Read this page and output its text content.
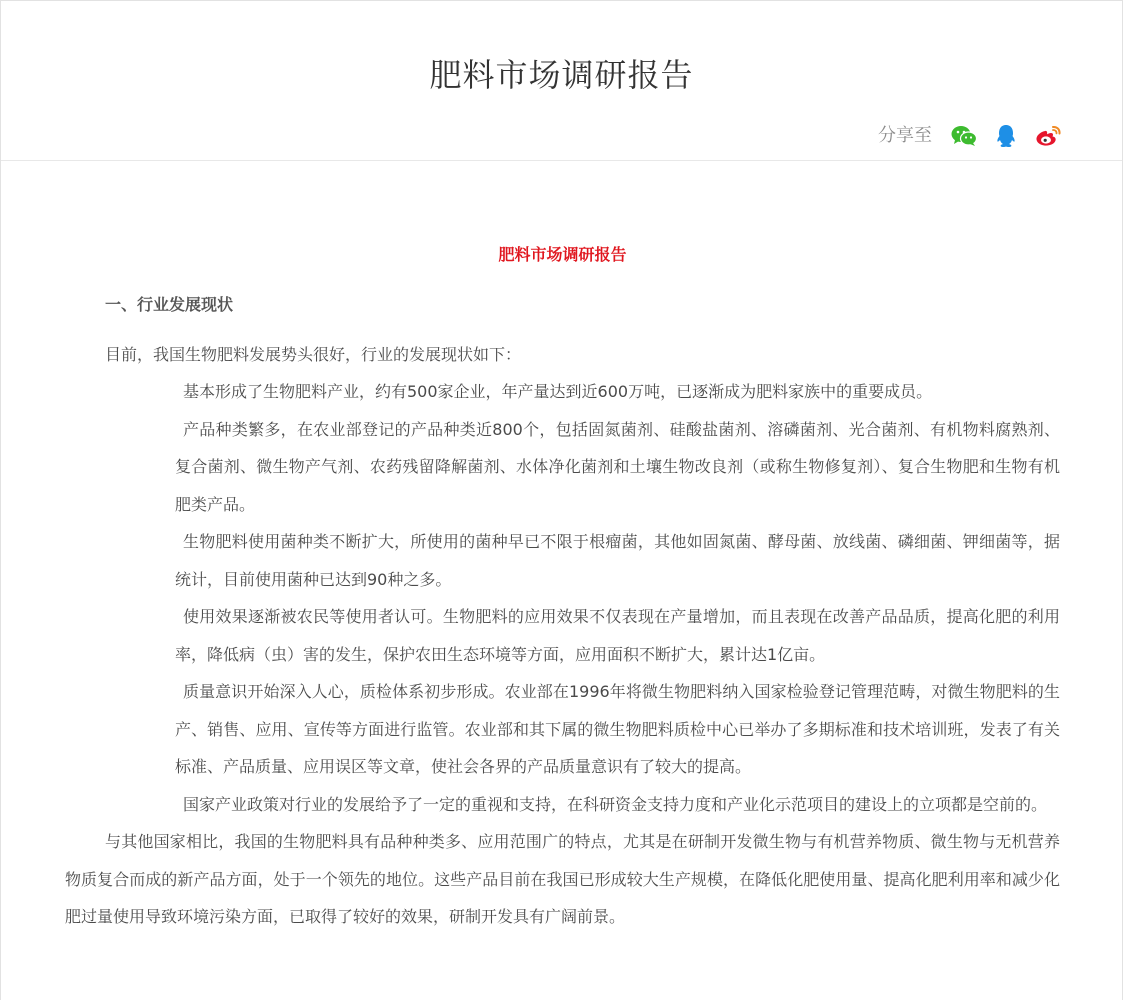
肥料市场调研报告
分享至
肥料市场调研报告
一、行业发展现状
目前，我国生物肥料发展势头很好，行业的发展现状如下：
基本形成了生物肥料产业，约有500家企业，年产量达到近600万吨，已逐渐成为肥料家族中的重要成员。
产品种类繁多，在农业部登记的产品种类近800个，包括固氮菌剂、硅酸盐菌剂、溶磷菌剂、光合菌剂、有机物料腐熟剂、复合菌剂、微生物产气剂、农药残留降解菌剂、水体净化菌剂和土壤生物改良剂（或称生物修复剂）、复合生物肥和生物有机肥类产品。
生物肥料使用菌种类不断扩大，所使用的菌种早已不限于根瘤菌，其他如固氮菌、酵母菌、放线菌、磷细菌、钾细菌等，据统计，目前使用菌种已达到90种之多。
使用效果逐渐被农民等使用者认可。生物肥料的应用效果不仅表现在产量增加，而且表现在改善产品品质，提高化肥的利用率，降低病（虫）害的发生，保护农田生态环境等方面，应用面积不断扩大，累计达1亿亩。
质量意识开始深入人心，质检体系初步形成。农业部在1996年将微生物肥料纳入国家检验登记管理范畴，对微生物肥料的生产、销售、应用、宣传等方面进行监管。农业部和其下属的微生物肥料质检中心已举办了多期标准和技术培训班，发表了有关标准、产品质量、应用误区等文章，使社会各界的产品质量意识有了较大的提高。
国家产业政策对行业的发展给予了一定的重视和支持，在科研资金支持力度和产业化示范项目的建设上的立项都是空前的。
与其他国家相比，我国的生物肥料具有品种种类多、应用范围广的特点，尤其是在研制开发微生物与有机营养物质、微生物与无机营养物质复合而成的新产品方面，处于一个领先的地位。这些产品目前在我国已形成较大生产规模，在降低化肥使用量、提高化肥利用率和减少化肥过量使用导致环境污染方面，已取得了较好的效果，研制开发具有广阔前景。
